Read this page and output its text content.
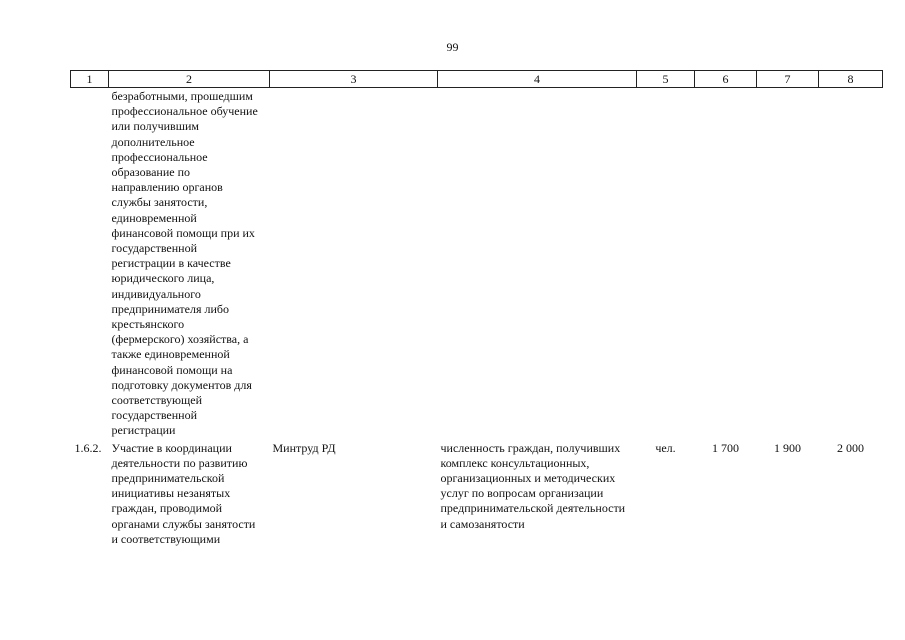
99
1	2	3	4	5	6	7	8

	безработными, прошедшим профессиональное обучение или получившим дополнительное профессиональное образование по направлению органов службы занятости, единовременной финансовой помощи при их государственной регистрации в качестве юридического лица, индивидуального предпринимателя либо крестьянского (фермерского) хозяйства, а также единовременной финансовой помощи на подготовку документов для соответствующей государственной регистрации						

1.6.2.	Участие в координации деятельности по развитию предпринимательской инициативы незанятых граждан, проводимой органами службы занятости и соответствующими	Минтруд РД	численность граждан, получивших комплекс консультационных, организационных и методических услуг по вопросам организации предпринимательской деятельности и самозанятости	чел.	1 700	1 900	2 000
